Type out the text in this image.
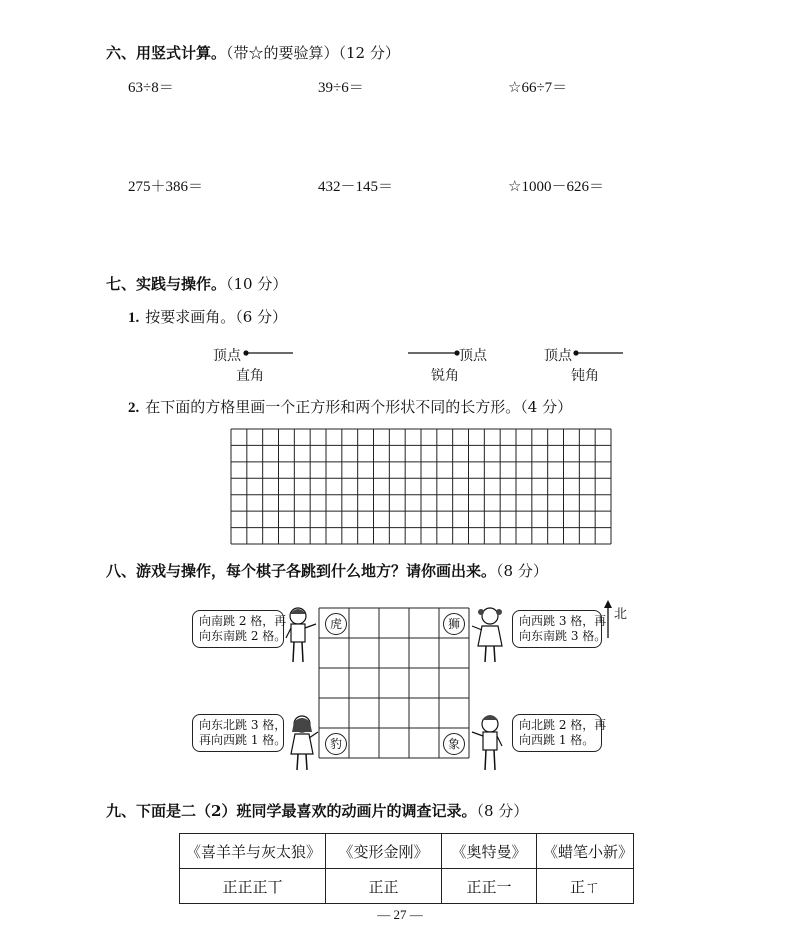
六、用竖式计算。（带☆的要验算）（12 分）
63÷8＝	39÷6＝	☆66÷7＝
275＋386＝	432－145＝	☆1000－626＝
七、实践与操作。（10 分）
1. 按要求画角。（6 分）
顶点
直角
顶点
锐角
顶点
钝角
2. 在下面的方格里画一个正方形和两个形状不同的长方形。（4 分）
八、游戏与操作，每个棋子各跳到什么地方？请你画出来。（8 分）
虎	狮
豹	象
北
向南跳 2 格，再
向东南跳 2 格。
向西跳 3 格，再
向东南跳 3 格。
向东北跳 3 格，
再向西跳 1 格。
向北跳 2 格，再
向西跳 1 格。
九、下面是二（2）班同学最喜欢的动画片的调查记录。（8 分）
《喜羊羊与灰太狼》	《变形金刚》	《奥特曼》	《蜡笔小新》
正正正丅	正正	正正一	正ㄒ
— 27 —
